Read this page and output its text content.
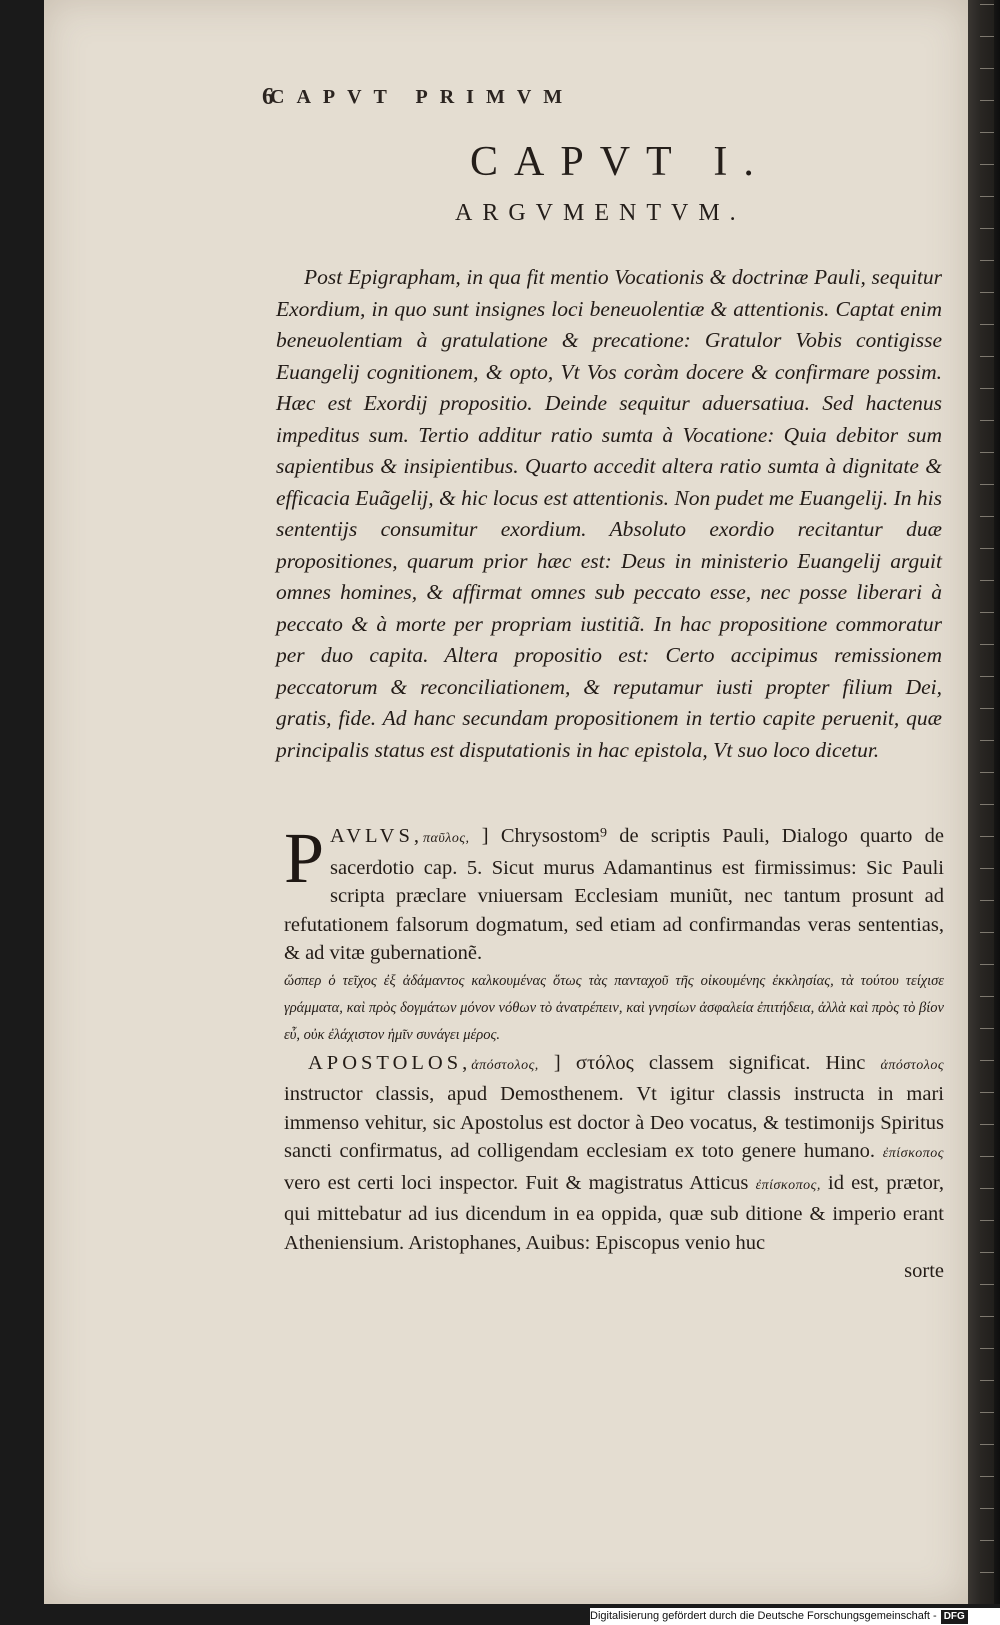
6
CAPVT PRIMVM
CAPVT I.
ARGVMENTVM.

Post Epigrapham, in qua fit mentio Vocationis & doctrinæ Pauli, sequitur Exordium, in quo sunt insignes loci beneuolentiæ & attentionis. Captat enim beneuolentiam à gratulatione & precatione: Gratulor Vobis contigisse Euangelij cognitionem, & opto, Vt Vos coràm docere & confirmare possim. Hæc est Exordij propositio. Deinde sequitur aduersatiua. Sed hactenus impeditus sum. Tertio additur ratio sumta à Vocatione: Quia debitor sum sapientibus & insipientibus. Quarto accedit altera ratio sumta à dignitate & efficacia Euãgelij, & hic locus est attentionis. Non pudet me Euangelij. In his sententijs consumitur exordium. Absoluto exordio recitantur duæ propositiones, quarum prior hæc est: Deus in ministerio Euangelij arguit omnes homines, & affirmat omnes sub peccato esse, nec posse liberari à peccato & à morte per propriam iustitiã. In hac propositione commoratur per duo capita. Altera propositio est: Certo accipimus remissionem peccatorum & reconciliationem, & reputamur iusti propter filium Dei, gratis, fide. Ad hanc secundam propositionem in tertio capite peruenit, quæ principalis status est disputationis in hac epistola, Vt suo loco dicetur.

P AVLVS,παῦλος, ] Chrysostom⁹ de scriptis Pauli, Dialogo quarto de sacerdotio cap. 5. Sicut murus Adamantinus est firmissimus: Sic Pauli scripta præclare vniuersam Ecclesiam muniũt, nec tantum prosunt ad refutationem falsorum dogmatum, sed etiam ad confirmandas veras sententias, & ad vitæ gubernationẽ.

ὥσπερ ὁ τεῖχος ἐξ ἀδάμαντος καλκουμένας ὅτως τὰς πανταχοῦ τῆς οἰκουμένης ἐκκλησίας, τὰ τούτου τείχισε γράμματα, καὶ πρὸς δογμάτων μόνον νόθων τὸ ἀνατρέπειν, καὶ γνησίων ἀσφαλεία ἐπιτήδεια, ἀλλὰ καὶ πρὸς τὸ βίον εὖ, οὐκ ἐλάχιστον ἡμῖν συνάγει μέρος.

APOSTOLOS,ἀπόστολος, ] στόλος classem significat. Hinc ἀπόστολος instructor classis, apud Demosthenem. Vt igitur classis instructa in mari immenso vehitur, sic Apostolus est doctor à Deo vocatus, & testimonijs Spiritus sancti confirmatus, ad colligendam ecclesiam ex toto genere humano. ἐπίσκοπος vero est certi loci inspector. Fuit & magistratus Atticus ἐπίσκοπος, id est, prætor, qui mittebatur ad ius dicendum in ea oppida, quæ sub ditione & imperio erant Atheniensium. Aristophanes, Auibus: Episcopus venio huc

sorte

Digitalisierung gefördert durch die Deutsche Forschungsgemeinschaft - DFG
